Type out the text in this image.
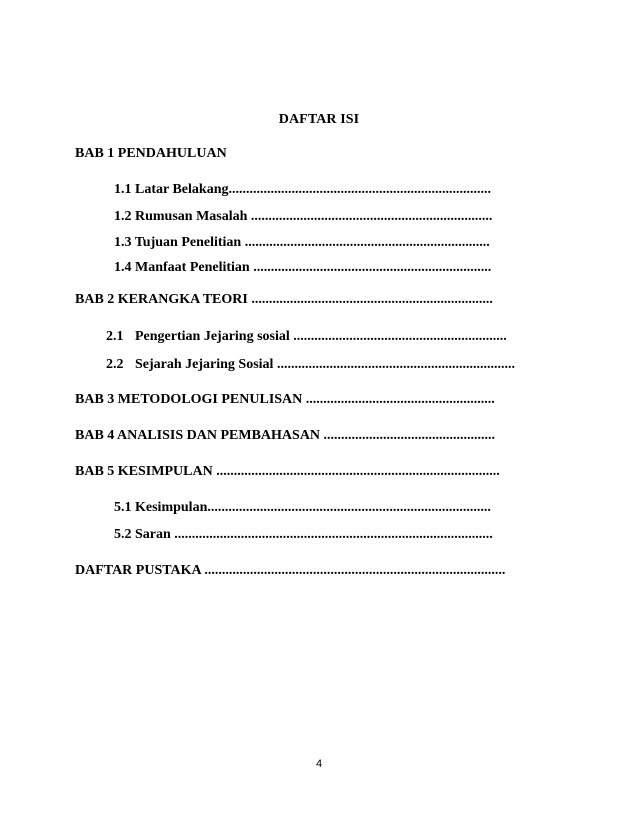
DAFTAR ISI
BAB 1 PENDAHULUAN
1.1 Latar Belakang...........................................................................
1.2 Rumusan Masalah .....................................................................
1.3 Tujuan Penelitian ......................................................................
1.4 Manfaat Penelitian ....................................................................
BAB 2 KERANGKA TEORI .....................................................................
2.1 Pengertian Jejaring sosial .............................................................
2.2 Sejarah Jejaring Sosial ....................................................................
BAB 3 METODOLOGI PENULISAN ......................................................
BAB 4 ANALISIS DAN PEMBAHASAN .................................................
BAB 5 KESIMPULAN .................................................................................
5.1 Kesimpulan.................................................................................
5.2 Saran ...........................................................................................
DAFTAR PUSTAKA ......................................................................................
4
